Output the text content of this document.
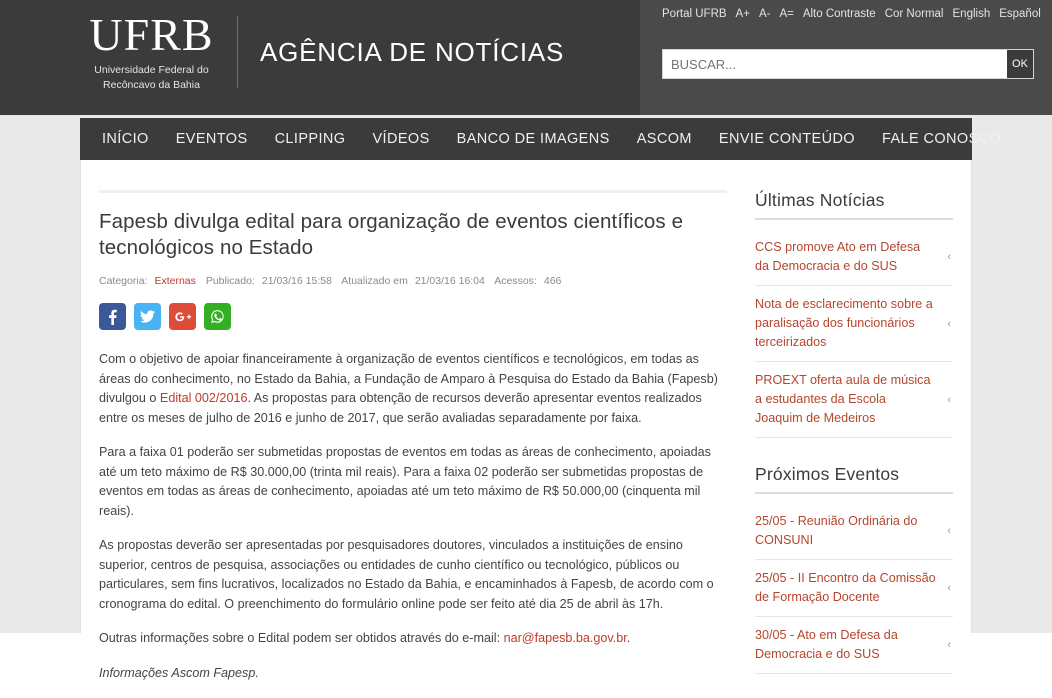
UFRB
Universidade Federal do
Recôncavo da Bahia
AGÊNCIA DE NOTÍCIAS
Portal UFRB A+ A- A= Alto Contraste Cor Normal English Español
BUSCAR...
OK
INÍCIO EVENTOS CLIPPING VÍDEOS BANCO DE IMAGENS ASCOM ENVIE CONTEÚDO FALE CONOSCO
Fapesb divulga edital para organização de eventos científicos e tecnológicos no Estado
Categoria: Externas Publicado: 21/03/16 15:58 Atualizado em 21/03/16 16:04 Acessos: 466

Com o objetivo de apoiar financeiramente à organização de eventos científicos e tecnológicos, em todas as áreas do conhecimento, no Estado da Bahia, a Fundação de Amparo à Pesquisa do Estado da Bahia (Fapesb) divulgou o Edital 002/2016. As propostas para obtenção de recursos deverão apresentar eventos realizados entre os meses de julho de 2016 e junho de 2017, que serão avaliadas separadamente por faixa.

Para a faixa 01 poderão ser submetidas propostas de eventos em todas as áreas de conhecimento, apoiadas até um teto máximo de R$ 30.000,00 (trinta mil reais). Para a faixa 02 poderão ser submetidas propostas de eventos em todas as áreas de conhecimento, apoiadas até um teto máximo de R$ 50.000,00 (cinquenta mil reais).

As propostas deverão ser apresentadas por pesquisadores doutores, vinculados a instituições de ensino superior, centros de pesquisa, associações ou entidades de cunho científico ou tecnológico, públicos ou particulares, sem fins lucrativos, localizados no Estado da Bahia, e encaminhados à Fapesb, de acordo com o cronograma do edital. O preenchimento do formulário online pode ser feito até dia 25 de abril às 17h.

Outras informações sobre o Edital podem ser obtidos através do e-mail: nar@fapesb.ba.gov.br.

Informações Ascom Fapesp.

Últimas Notícias
CCS promove Ato em Defesa da Democracia e do SUS
‹
Nota de esclarecimento sobre a paralisação dos funcionários terceirizados
‹
PROEXT oferta aula de música a estudantes da Escola Joaquim de Medeiros
‹
Próximos Eventos
25/05 - Reunião Ordinária do CONSUNI
‹
25/05 - II Encontro da Comissão de Formação Docente
‹
30/05 - Ato em Defesa da Democracia e do SUS
‹
